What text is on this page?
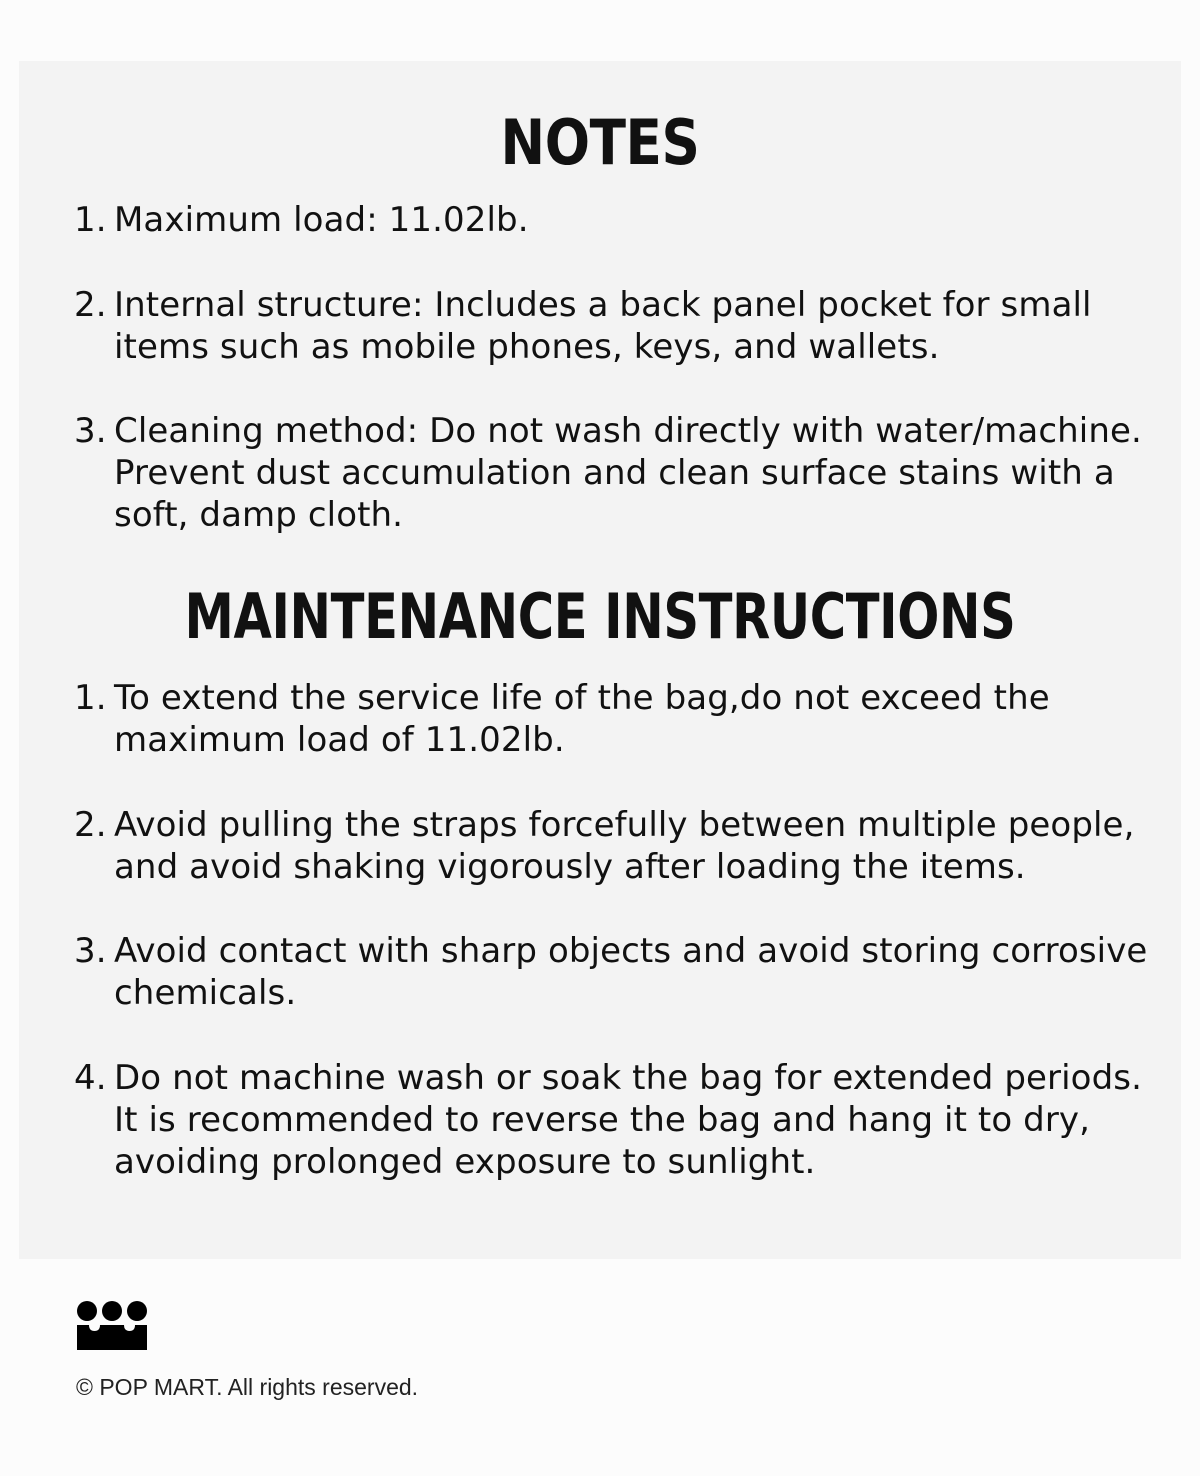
NOTES
1. Maximum load: 11.02lb.
2. Internal structure: Includes a back panel pocket for small items such as mobile phones, keys, and wallets.
3. Cleaning method: Do not wash directly with water/machine. Prevent dust accumulation and clean surface stains with a soft, damp cloth.
MAINTENANCE INSTRUCTIONS
1. To extend the service life of the bag,do not exceed the maximum load of 11.02lb.
2. Avoid pulling the straps forcefully between multiple people, and avoid shaking vigorously after loading the items.
3. Avoid contact with sharp objects and avoid storing corrosive chemicals.
4. Do not machine wash or soak the bag for extended periods. It is recommended to reverse the bag and hang it to dry, avoiding prolonged exposure to sunlight.
© POP MART. All rights reserved.
